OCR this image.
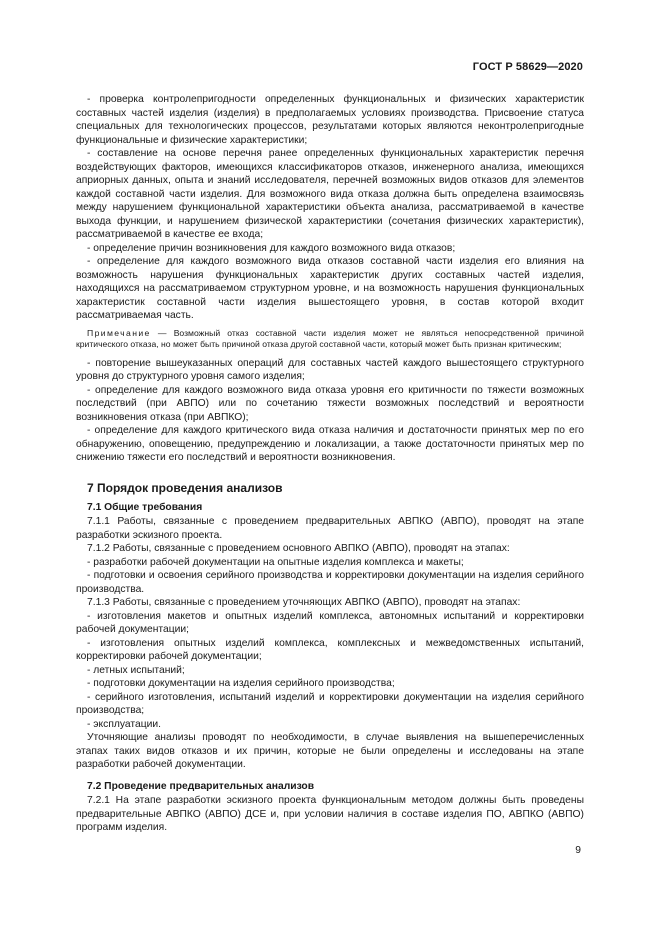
ГОСТ Р 58629—2020

- проверка контролепригодности определенных функциональных и физических характеристик составных частей изделия (изделия) в предполагаемых условиях производства. Присвоение статуса специальных для технологических процессов, результатами которых являются неконтролепригодные функциональные и физические характеристики;

- составление на основе перечня ранее определенных функциональных характеристик перечня воздействующих факторов, имеющихся классификаторов отказов, инженерного анализа, имеющихся априорных данных, опыта и знаний исследователя, перечней возможных видов отказов для элементов каждой составной части изделия. Для возможного вида отказа должна быть определена взаимосвязь между нарушением функциональной характеристики объекта анализа, рассматриваемой в качестве выхода функции, и нарушением физической характеристики (сочетания физических характеристик), рассматриваемой в качестве ее входа;

- определение причин возникновения для каждого возможного вида отказов;

- определение для каждого возможного вида отказов составной части изделия его влияния на возможность нарушения функциональных характеристик других составных частей изделия, находящихся на рассматриваемом структурном уровне, и на возможность нарушения функциональных характеристик составной части изделия вышестоящего уровня, в состав которой входит рассматриваемая часть.

Примечание — Возможный отказ составной части изделия может не являться непосредственной причиной критического отказа, но может быть причиной отказа другой составной части, который может быть признан критическим;

- повторение вышеуказанных операций для составных частей каждого вышестоящего структурного уровня до структурного уровня самого изделия;

- определение для каждого возможного вида отказа уровня его критичности по тяжести возможных последствий (при АВПО) или по сочетанию тяжести возможных последствий и вероятности возникновения отказа (при АВПКО);

- определение для каждого критического вида отказа наличия и достаточности принятых мер по его обнаружению, оповещению, предупреждению и локализации, а также достаточности принятых мер по снижению тяжести его последствий и вероятности возникновения.

7 Порядок проведения анализов
7.1 Общие требования

7.1.1 Работы, связанные с проведением предварительных АВПКО (АВПО), проводят на этапе разработки эскизного проекта.

7.1.2 Работы, связанные с проведением основного АВПКО (АВПО), проводят на этапах:

- разработки рабочей документации на опытные изделия комплекса и макеты;

- подготовки и освоения серийного производства и корректировки документации на изделия серийного производства.

7.1.3 Работы, связанные с проведением уточняющих АВПКО (АВПО), проводят на этапах:

- изготовления макетов и опытных изделий комплекса, автономных испытаний и корректировки рабочей документации;

- изготовления опытных изделий комплекса, комплексных и межведомственных испытаний, корректировки рабочей документации;

- летных испытаний;

- подготовки документации на изделия серийного производства;

- серийного изготовления, испытаний изделий и корректировки документации на изделия серийного производства;

- эксплуатации.

Уточняющие анализы проводят по необходимости, в случае выявления на вышеперечисленных этапах таких видов отказов и их причин, которые не были определены и исследованы на этапе разработки рабочей документации.

7.2 Проведение предварительных анализов

7.2.1 На этапе разработки эскизного проекта функциональным методом должны быть проведены предварительные АВПКО (АВПО) ДСЕ и, при условии наличия в составе изделия ПО, АВПКО (АВПО) программ изделия.

9
